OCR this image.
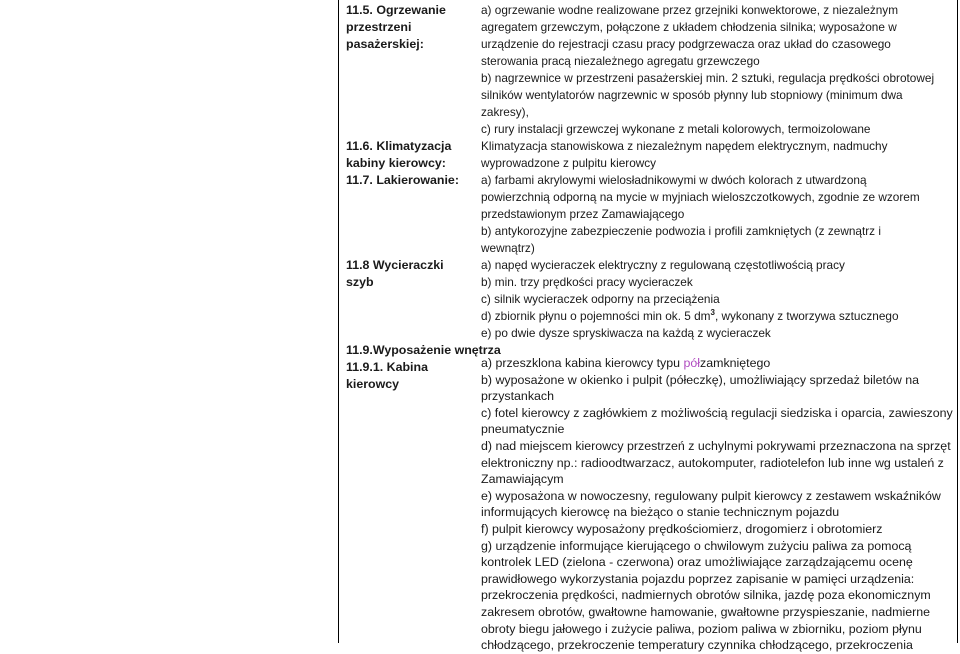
11.5. Ogrzewanie
przestrzeni
pasażerskiej:
a) ogrzewanie wodne realizowane przez grzejniki konwektorowe, z niezależnym
agregatem grzewczym, połączone z układem chłodzenia silnika; wyposażone w
urządzenie do rejestracji czasu pracy podgrzewacza oraz układ do czasowego
sterowania pracą niezależnego agregatu grzewczego
b) nagrzewnice w przestrzeni pasażerskiej min. 2 sztuki, regulacja prędkości obrotowej
silników wentylatorów nagrzewnic w sposób płynny lub stopniowy (minimum dwa
zakresy),
c) rury instalacji grzewczej wykonane z metali kolorowych, termoizolowane
11.6. Klimatyzacja
kabiny kierowcy:
Klimatyzacja stanowiskowa z niezależnym napędem elektrycznym, nadmuchy
wyprowadzone z pulpitu kierowcy
11.7. Lakierowanie: a) farbami akrylowymi wielosładnikowymi w dwóch kolorach z utwardzoną
powierzchnią odporną na mycie w myjniach wieloszczotkowych, zgodnie ze wzorem
przedstawionym przez Zamawiającego
b) antykorozyjne zabezpieczenie podwozia i profili zamkniętych (z zewnątrz i
wewnątrz)
11.8 Wycieraczki
szyb
a) napęd wycieraczek elektryczny z regulowaną częstotliwością pracy
b) min. trzy prędkości pracy wycieraczek
c) silnik wycieraczek odporny na przeciążenia
d) zbiornik płynu o pojemności min ok. 5 $dm^3$, wykonany z tworzywa sztucznego
e) po dwie dysze spryskiwacza na każdą z wycieraczek
11.9.Wyposażenie wnętrza
11.9.1. Kabina
kierowcy
a) przeszklona kabina kierowcy typu półzamkniętego
b) wyposażone w okienko i pulpit (półeczkę), umożliwiający sprzedaż biletów na
przystankach
c) fotel kierowcy z zagłówkiem z możliwością regulacji siedziska i oparcia, zawieszony
pneumatycznie
d) nad miejscem kierowcy przestrzeń z uchylnymi pokrywami przeznaczona na sprzęt
elektroniczny np.: radioodtwarzacz, autokomputer, radiotelefon lub inne wg ustaleń z
Zamawiającym
e) wyposażona w nowoczesny, regulowany pulpit kierowcy z zestawem wskaźników
informujących kierowcę na bieżąco o stanie technicznym pojazdu
f) pulpit kierowcy wyposażony prędkościomierz, drogomierz i obrotomierz
g) urządzenie informujące kierującego o chwilowym zużyciu paliwa za pomocą
kontrolek LED (zielona - czerwona) oraz umożliwiające zarządzającemu ocenę
prawidłowego wykorzystania pojazdu poprzez zapisanie w pamięci urządzenia:
przekroczenia prędkości, nadmiernych obrotów silnika, jazdę poza ekonomicznym
zakresem obrotów, gwałtowne hamowanie, gwałtowne przyspieszanie, nadmierne
obroty biegu jałowego i zużycie paliwa, poziom paliwa w zbiorniku, poziom płynu
chłodzącego, przekroczenie temperatury czynnika chłodzącego, przekroczenia
